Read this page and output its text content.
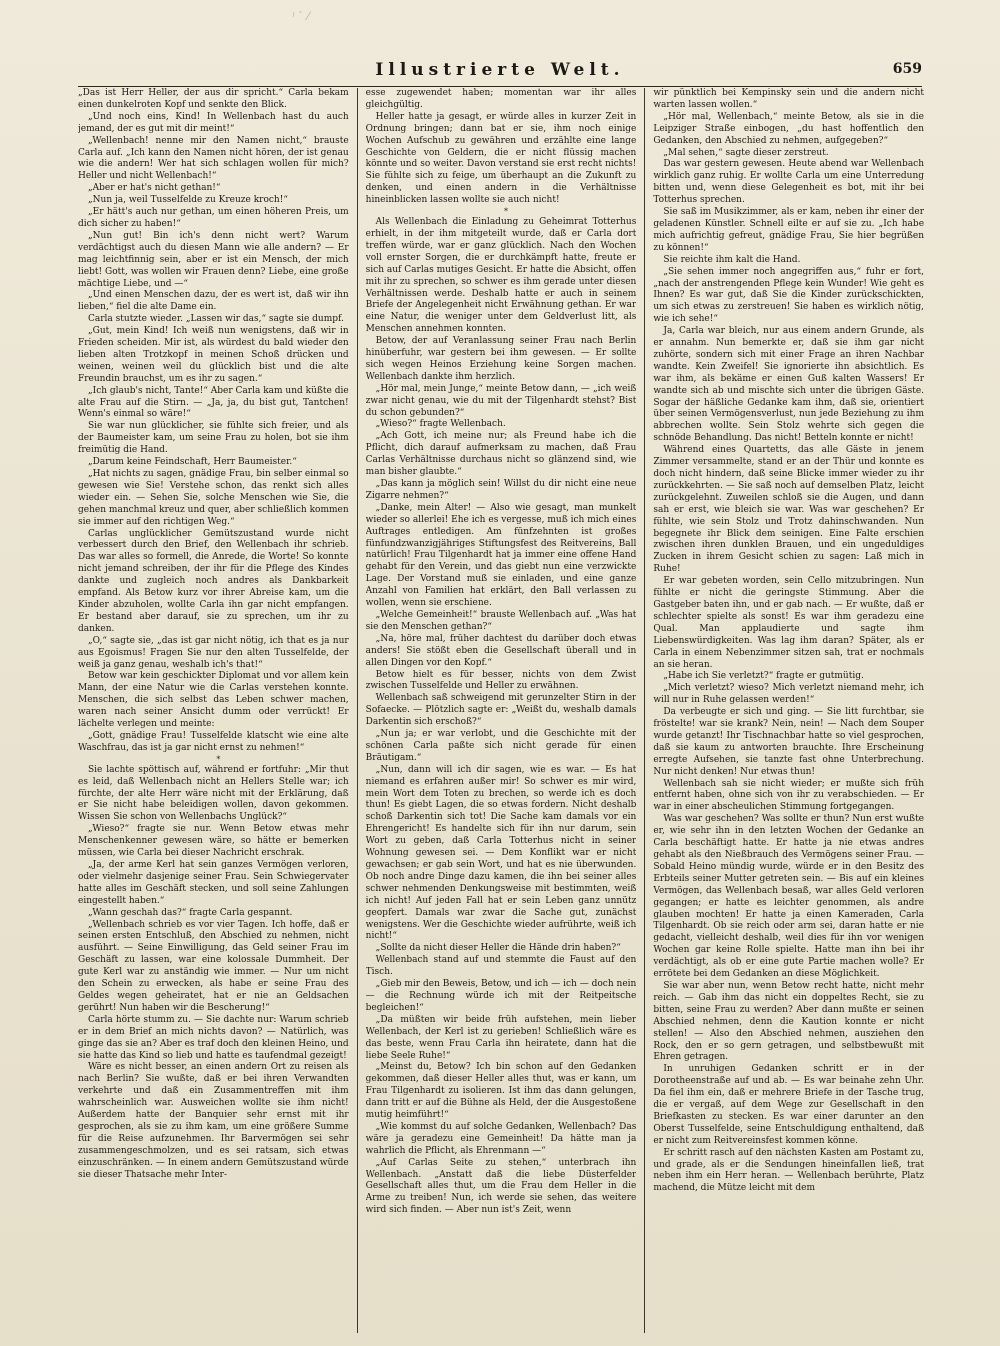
⁾ ` ⁄
Illustrierte Welt.	659

„Das ist Herr Heller, der aus dir spricht.“ Carla bekam einen dunkelroten Kopf und senkte den Blick.

„Und noch eins, Kind! In Wellenbach hast du auch jemand, der es gut mit dir meint!“

„Wellenbach! nenne mir den Namen nicht,“ brauste Carla auf. „Ich kann den Namen nicht hören, der ist genau wie die andern! Wer hat sich schlagen wollen für mich? Heller und nicht Wellenbach!“

„Aber er hat's nicht gethan!“

„Nun ja, weil Tusselfelde zu Kreuze kroch!“

„Er hätt's auch nur gethan, um einen höheren Preis, um dich sicher zu haben!“

„Nun gut! Bin ich's denn nicht wert? Warum verdächtigst auch du diesen Mann wie alle andern? — Er mag leichtfinnig sein, aber er ist ein Mensch, der mich liebt! Gott, was wollen wir Frauen denn? Liebe, eine große mächtige Liebe, und —“

„Und einen Menschen dazu, der es wert ist, daß wir ihn lieben,“ fiel die alte Dame ein.

Carla stutzte wieder. „Lassen wir das,“ sagte sie dumpf.

„Gut, mein Kind! Ich weiß nun wenigstens, daß wir in Frieden scheiden. Mir ist, als würdest du bald wieder den lieben alten Trotzkopf in meinen Schoß drücken und weinen, weinen weil du glücklich bist und die alte Freundin brauchst, um es ihr zu sagen.“

„Ich glaub's nicht, Tante!“ Aber Carla kam und küßte die alte Frau auf die Stirn. — „Ja, ja, du bist gut, Tantchen! Wenn's einmal so wäre!“

Sie war nun glücklicher, sie fühlte sich freier, und als der Baumeister kam, um seine Frau zu holen, bot sie ihm freimütig die Hand.

„Darum keine Feindschaft, Herr Baumeister.“

„Hat nichts zu sagen, gnädige Frau, bin selber einmal so gewesen wie Sie! Verstehe schon, das renkt sich alles wieder ein. — Sehen Sie, solche Menschen wie Sie, die gehen manchmal kreuz und quer, aber schließlich kommen sie immer auf den richtigen Weg.“

Carlas unglücklicher Gemütszustand wurde nicht verbessert durch den Brief, den Wellenbach ihr schrieb. Das war alles so formell, die Anrede, die Worte! So konnte nicht jemand schreiben, der ihr für die Pflege des Kindes dankte und zugleich noch andres als Dankbarkeit empfand. Als Betow kurz vor ihrer Abreise kam, um die Kinder abzuholen, wollte Carla ihn gar nicht empfangen. Er bestand aber darauf, sie zu sprechen, um ihr zu danken.

„O,“ sagte sie, „das ist gar nicht nötig, ich that es ja nur aus Egoismus! Fragen Sie nur den alten Tusselfelde, der weiß ja ganz genau, weshalb ich's that!“

Betow war kein geschickter Diplomat und vor allem kein Mann, der eine Natur wie die Carlas verstehen konnte. Menschen, die sich selbst das Leben schwer machen, waren nach seiner Ansicht dumm oder verrückt! Er lächelte verlegen und meinte:

„Gott, gnädige Frau! Tusselfelde klatscht wie eine alte Waschfrau, das ist ja gar nicht ernst zu nehmen!“

*

Sie lachte spöttisch auf, während er fortfuhr: „Mir thut es leid, daß Wellenbach nicht an Hellers Stelle war; ich fürchte, der alte Herr wäre nicht mit der Erklärung, daß er Sie nicht habe beleidigen wollen, davon gekommen. Wissen Sie schon von Wellenbachs Unglück?“

„Wieso?“ fragte sie nur. Wenn Betow etwas mehr Menschenkenner gewesen wäre, so hätte er bemerken müssen, wie Carla bei dieser Nachricht erschrak.

„Ja, der arme Kerl hat sein ganzes Vermögen verloren, oder vielmehr dasjenige seiner Frau. Sein Schwiegervater hatte alles im Geschäft stecken, und soll seine Zahlungen eingestellt haben.“

„Wann geschah das?“ fragte Carla gespannt.

„Wellenbach schrieb es vor vier Tagen. Ich hoffe, daß er seinen ersten Entschluß, den Abschied zu nehmen, nicht ausführt. — Seine Einwilligung, das Geld seiner Frau im Geschäft zu lassen, war eine kolossale Dummheit. Der gute Kerl war zu anständig wie immer. — Nur um nicht den Schein zu erwecken, als habe er seine Frau des Geldes wegen geheiratet, hat er nie an Geldsachen gerührt! Nun haben wir die Bescherung!“

Carla hörte stumm zu. — Sie dachte nur: Warum schrieb er in dem Brief an mich nichts davon? — Natürlich, was ginge das sie an? Aber es traf doch den kleinen Heino, und sie hatte das Kind so lieb und hatte es taufendmal gezeigt!

Wäre es nicht besser, an einen andern Ort zu reisen als nach Berlin? Sie wußte, daß er bei ihren Verwandten verkehrte und daß ein Zusammentreffen mit ihm wahrscheinlich war. Ausweichen wollte sie ihm nicht! Außerdem hatte der Banquier sehr ernst mit ihr gesprochen, als sie zu ihm kam, um eine größere Summe für die Reise aufzunehmen. Ihr Barvermögen sei sehr zusammengeschmolzen, und es sei ratsam, sich etwas einzuschränken. — In einem andern Gemütszustand würde sie dieser Thatsache mehr Inter-

esse zugewendet haben; momentan war ihr alles gleichgültig.

Heller hatte ja gesagt, er würde alles in kurzer Zeit in Ordnung bringen; dann bat er sie, ihm noch einige Wochen Aufschub zu gewähren und erzählte eine lange Geschichte von Geldern, die er nicht flüssig machen könnte und so weiter. Davon verstand sie erst recht nichts! Sie fühlte sich zu feige, um überhaupt an die Zukunft zu denken, und einen andern in die Verhältnisse hineinblicken lassen wollte sie auch nicht!

*

Als Wellenbach die Einladung zu Geheimrat Totterhus erhielt, in der ihm mitgeteilt wurde, daß er Carla dort treffen würde, war er ganz glücklich. Nach den Wochen voll ernster Sorgen, die er durchkämpft hatte, freute er sich auf Carlas mutiges Gesicht. Er hatte die Absicht, offen mit ihr zu sprechen, so schwer es ihm gerade unter diesen Verhältnissen werde. Deshalb hatte er auch in seinem Briefe der Angelegenheit nicht Erwähnung gethan. Er war eine Natur, die weniger unter dem Geldverlust litt, als Menschen annehmen konnten.

Betow, der auf Veranlassung seiner Frau nach Berlin hinüberfuhr, war gestern bei ihm gewesen. — Er sollte sich wegen Heinos Erziehung keine Sorgen machen. Wellenbach dankte ihm herzlich.

„Hör mal, mein Junge,“ meinte Betow dann, — „ich weiß zwar nicht genau, wie du mit der Tilgenhardt stehst? Bist du schon gebunden?“

„Wieso?“ fragte Wellenbach.

„Ach Gott, ich meine nur; als Freund habe ich die Pflicht, dich darauf aufmerksam zu machen, daß Frau Carlas Verhältnisse durchaus nicht so glänzend sind, wie man bisher glaubte.“

„Das kann ja möglich sein! Willst du dir nicht eine neue Zigarre nehmen?“

„Danke, mein Alter! — Also wie gesagt, man munkelt wieder so allerlei! Ehe ich es vergesse, muß ich mich eines Auftrages entledigen. Am fünfzehnten ist großes fünfundzwanzigjähriges Stiftungsfest des Reitvereins, Ball natürlich! Frau Tilgenhardt hat ja immer eine offene Hand gehabt für den Verein, und das giebt nun eine verzwickte Lage. Der Vorstand muß sie einladen, und eine ganze Anzahl von Familien hat erklärt, den Ball verlassen zu wollen, wenn sie erschiene.

„Welche Gemeinheit!“ brauste Wellenbach auf. „Was hat sie den Menschen gethan?“

„Na, höre mal, früher dachtest du darüber doch etwas anders! Sie stößt eben die Gesellschaft überall und in allen Dingen vor den Kopf.“

Betow hielt es für besser, nichts von dem Zwist zwischen Tusselfelde und Heller zu erwähnen.

Wellenbach saß schweigend mit gerunzelter Stirn in der Sofaecke. — Plötzlich sagte er: „Weißt du, weshalb damals Darkentin sich erschoß?“

„Nun ja; er war verlobt, und die Geschichte mit der schönen Carla paßte sich nicht gerade für einen Bräutigam.“

„Nun, dann will ich dir sagen, wie es war. — Es hat niemand es erfahren außer mir! So schwer es mir wird, mein Wort dem Toten zu brechen, so werde ich es doch thun! Es giebt Lagen, die so etwas fordern. Nicht deshalb schoß Darkentin sich tot! Die Sache kam damals vor ein Ehrengericht! Es handelte sich für ihn nur darum, sein Wort zu geben, daß Carla Totterhus nicht in seiner Wohnung gewesen sei. — Dem Konflikt war er nicht gewachsen; er gab sein Wort, und hat es nie überwunden. Ob noch andre Dinge dazu kamen, die ihn bei seiner alles schwer nehmenden Denkungsweise mit bestimmten, weiß ich nicht! Auf jeden Fall hat er sein Leben ganz unnütz geopfert. Damals war zwar die Sache gut, zunächst wenigstens. Wer die Geschichte wieder aufrührte, weiß ich nicht!“

„Sollte da nicht dieser Heller die Hände drin haben?“

Wellenbach stand auf und stemmte die Faust auf den Tisch.

„Gieb mir den Beweis, Betow, und ich — ich — doch nein — die Rechnung würde ich mit der Reitpeitsche begleichen!“

„Da müßten wir beide früh aufstehen, mein lieber Wellenbach, der Kerl ist zu gerieben! Schließlich wäre es das beste, wenn Frau Carla ihn heiratete, dann hat die liebe Seele Ruhe!“

„Meinst du, Betow? Ich bin schon auf den Gedanken gekommen, daß dieser Heller alles thut, was er kann, um Frau Tilgenhardt zu isolieren. Ist ihm das dann gelungen, dann tritt er auf die Bühne als Held, der die Ausgestoßene mutig heimführt!“

„Wie kommst du auf solche Gedanken, Wellenbach? Das wäre ja geradezu eine Gemeinheit! Da hätte man ja wahrlich die Pflicht, als Ehrenmann —“

„Auf Carlas Seite zu stehen,“ unterbrach ihn Wellenbach. „Anstatt daß die liebe Düsterfelder Gesellschaft alles thut, um die Frau dem Heller in die Arme zu treiben! Nun, ich werde sie sehen, das weitere wird sich finden. — Aber nun ist's Zeit, wenn

wir pünktlich bei Kempinsky sein und die andern nicht warten lassen wollen.“

„Hör mal, Wellenbach,“ meinte Betow, als sie in die Leipziger Straße einbogen, „du hast hoffentlich den Gedanken, den Abschied zu nehmen, aufgegeben?“

„Mal sehen,“ sagte dieser zerstreut.

Das war gestern gewesen. Heute abend war Wellenbach wirklich ganz ruhig. Er wollte Carla um eine Unterredung bitten und, wenn diese Gelegenheit es bot, mit ihr bei Totterhus sprechen.

Sie saß im Musikzimmer, als er kam, neben ihr einer der geladenen Künstler. Schnell eilte er auf sie zu. „Ich habe mich aufrichtig gefreut, gnädige Frau, Sie hier begrüßen zu können!“

Sie reichte ihm kalt die Hand.

„Sie sehen immer noch angegriffen aus,“ fuhr er fort, „nach der anstrengenden Pflege kein Wunder! Wie geht es Ihnen? Es war gut, daß Sie die Kinder zurückschickten, um sich etwas zu zerstreuen! Sie haben es wirklich nötig, wie ich sehe!“

Ja, Carla war bleich, nur aus einem andern Grunde, als er annahm. Nun bemerkte er, daß sie ihm gar nicht zuhörte, sondern sich mit einer Frage an ihren Nachbar wandte. Kein Zweifel! Sie ignorierte ihn absichtlich. Es war ihm, als bekäme er einen Guß kalten Wassers! Er wandte sich ab und mischte sich unter die übrigen Gäste. Sogar der häßliche Gedanke kam ihm, daß sie, orientiert über seinen Vermögensverlust, nun jede Beziehung zu ihm abbrechen wollte. Sein Stolz wehrte sich gegen die schnöde Behandlung. Das nicht! Betteln konnte er nicht!

Während eines Quartetts, das alle Gäste in jenem Zimmer versammelte, stand er an der Thür und konnte es doch nicht hindern, daß seine Blicke immer wieder zu ihr zurückkehrten. — Sie saß noch auf demselben Platz, leicht zurückgelehnt. Zuweilen schloß sie die Augen, und dann sah er erst, wie bleich sie war. Was war geschehen? Er fühlte, wie sein Stolz und Trotz dahinschwanden. Nun begegnete ihr Blick dem seinigen. Eine Falte erschien zwischen ihren dunklen Brauen, und ein ungeduldiges Zucken in ihrem Gesicht schien zu sagen: Laß mich in Ruhe!

Er war gebeten worden, sein Cello mitzubringen. Nun fühlte er nicht die geringste Stimmung. Aber die Gastgeber baten ihn, und er gab nach. — Er wußte, daß er schlechter spielte als sonst! Es war ihm geradezu eine Qual. Man applaudierte und sagte ihm Liebenswürdigkeiten. Was lag ihm daran? Später, als er Carla in einem Nebenzimmer sitzen sah, trat er nochmals an sie heran.

„Habe ich Sie verletzt?“ fragte er gutmütig.

„Mich verletzt? wieso? Mich verletzt niemand mehr, ich will nur in Ruhe gelassen werden!“

Da verbeugte er sich und ging. — Sie litt furchtbar, sie fröstelte! war sie krank? Nein, nein! — Nach dem Souper wurde getanzt! Ihr Tischnachbar hatte so viel gesprochen, daß sie kaum zu antworten brauchte. Ihre Erscheinung erregte Aufsehen, sie tanzte fast ohne Unterbrechung. Nur nicht denken! Nur etwas thun!

Wellenbach sah sie nicht wieder; er mußte sich früh entfernt haben, ohne sich von ihr zu verabschieden. — Er war in einer abscheulichen Stimmung fortgegangen.

Was war geschehen? Was sollte er thun? Nun erst wußte er, wie sehr ihn in den letzten Wochen der Gedanke an Carla beschäftigt hatte. Er hatte ja nie etwas andres gehabt als den Nießbrauch des Vermögens seiner Frau. — Sobald Heino mündig wurde, würde er in den Besitz des Erbteils seiner Mutter getreten sein. — Bis auf ein kleines Vermögen, das Wellenbach besaß, war alles Geld verloren gegangen; er hatte es leichter genommen, als andre glauben mochten! Er hatte ja einen Kameraden, Carla Tilgenhardt. Ob sie reich oder arm sei, daran hatte er nie gedacht, vielleicht deshalb, weil dies für ihn vor wenigen Wochen gar keine Rolle spielte. Hatte man ihn bei ihr verdächtigt, als ob er eine gute Partie machen wolle? Er errötete bei dem Gedanken an diese Möglichkeit.

Sie war aber nun, wenn Betow recht hatte, nicht mehr reich. — Gab ihm das nicht ein doppeltes Recht, sie zu bitten, seine Frau zu werden? Aber dann mußte er seinen Abschied nehmen, denn die Kaution konnte er nicht stellen! — Also den Abschied nehmen, ausziehen den Rock, den er so gern getragen, und selbstbewußt mit Ehren getragen.

In unruhigen Gedanken schritt er in der Dorotheenstraße auf und ab. — Es war beinahe zehn Uhr. Da fiel ihm ein, daß er mehrere Briefe in der Tasche trug, die er vergaß, auf dem Wege zur Gesellschaft in den Briefkasten zu stecken. Es war einer darunter an den Oberst Tusselfelde, seine Entschuldigung enthaltend, daß er nicht zum Reitvereinsfest kommen könne.

Er schritt rasch auf den nächsten Kasten am Postamt zu, und grade, als er die Sendungen hineinfallen ließ, trat neben ihm ein Herr heran. — Wellenbach berührte, Platz machend, die Mütze leicht mit dem
